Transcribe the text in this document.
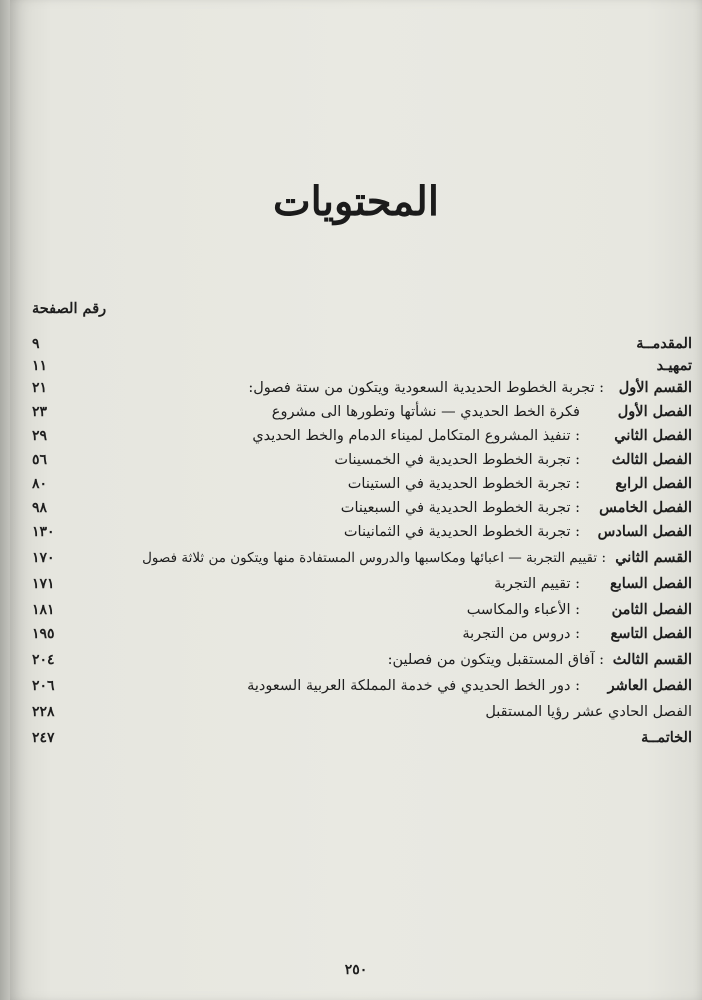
المحتويات
رقم الصفحة
المقدمــة
٩
تمهيـد
١١
القسم الأول
: تجربة الخطوط الحديدية السعودية ويتكون من ستة فصول:
٢١
الفصل الأول
فكرة الخط الحديدي — نشأتها وتطورها الى مشروع
٢٣
الفصل الثاني
: تنفيذ المشروع المتكامل لميناء الدمام والخط الحديدي
٢٩
الفصل الثالث
: تجربة الخطوط الحديدية في الخمسينات
٥٦
الفصل الرابع
: تجربة الخطوط الحديدية في الستينات
٨٠
الفصل الخامس
: تجربة الخطوط الحديدية في السبعينات
٩٨
الفصل السادس
: تجربة الخطوط الحديدية في الثمانينات
١٣٠
القسم الثاني
: تقييم التجربة — اعبائها ومكاسبها والدروس المستفادة منها ويتكون من ثلاثة فصول
١٧٠
الفصل السابع
: تقييم التجربة
١٧١
الفصل الثامن
: الأعباء والمكاسب
١٨١
الفصل التاسع
: دروس من التجربة
١٩٥
القسم الثالث
: آفاق المستقبل ويتكون من فصلين:
٢٠٤
الفصل العاشر
: دور الخط الحديدي في خدمة المملكة العربية السعودية
٢٠٦
الفصل الحادي عشر رؤيا المستقبل
٢٢٨
الخاتمــة
٢٤٧
٢٥٠
